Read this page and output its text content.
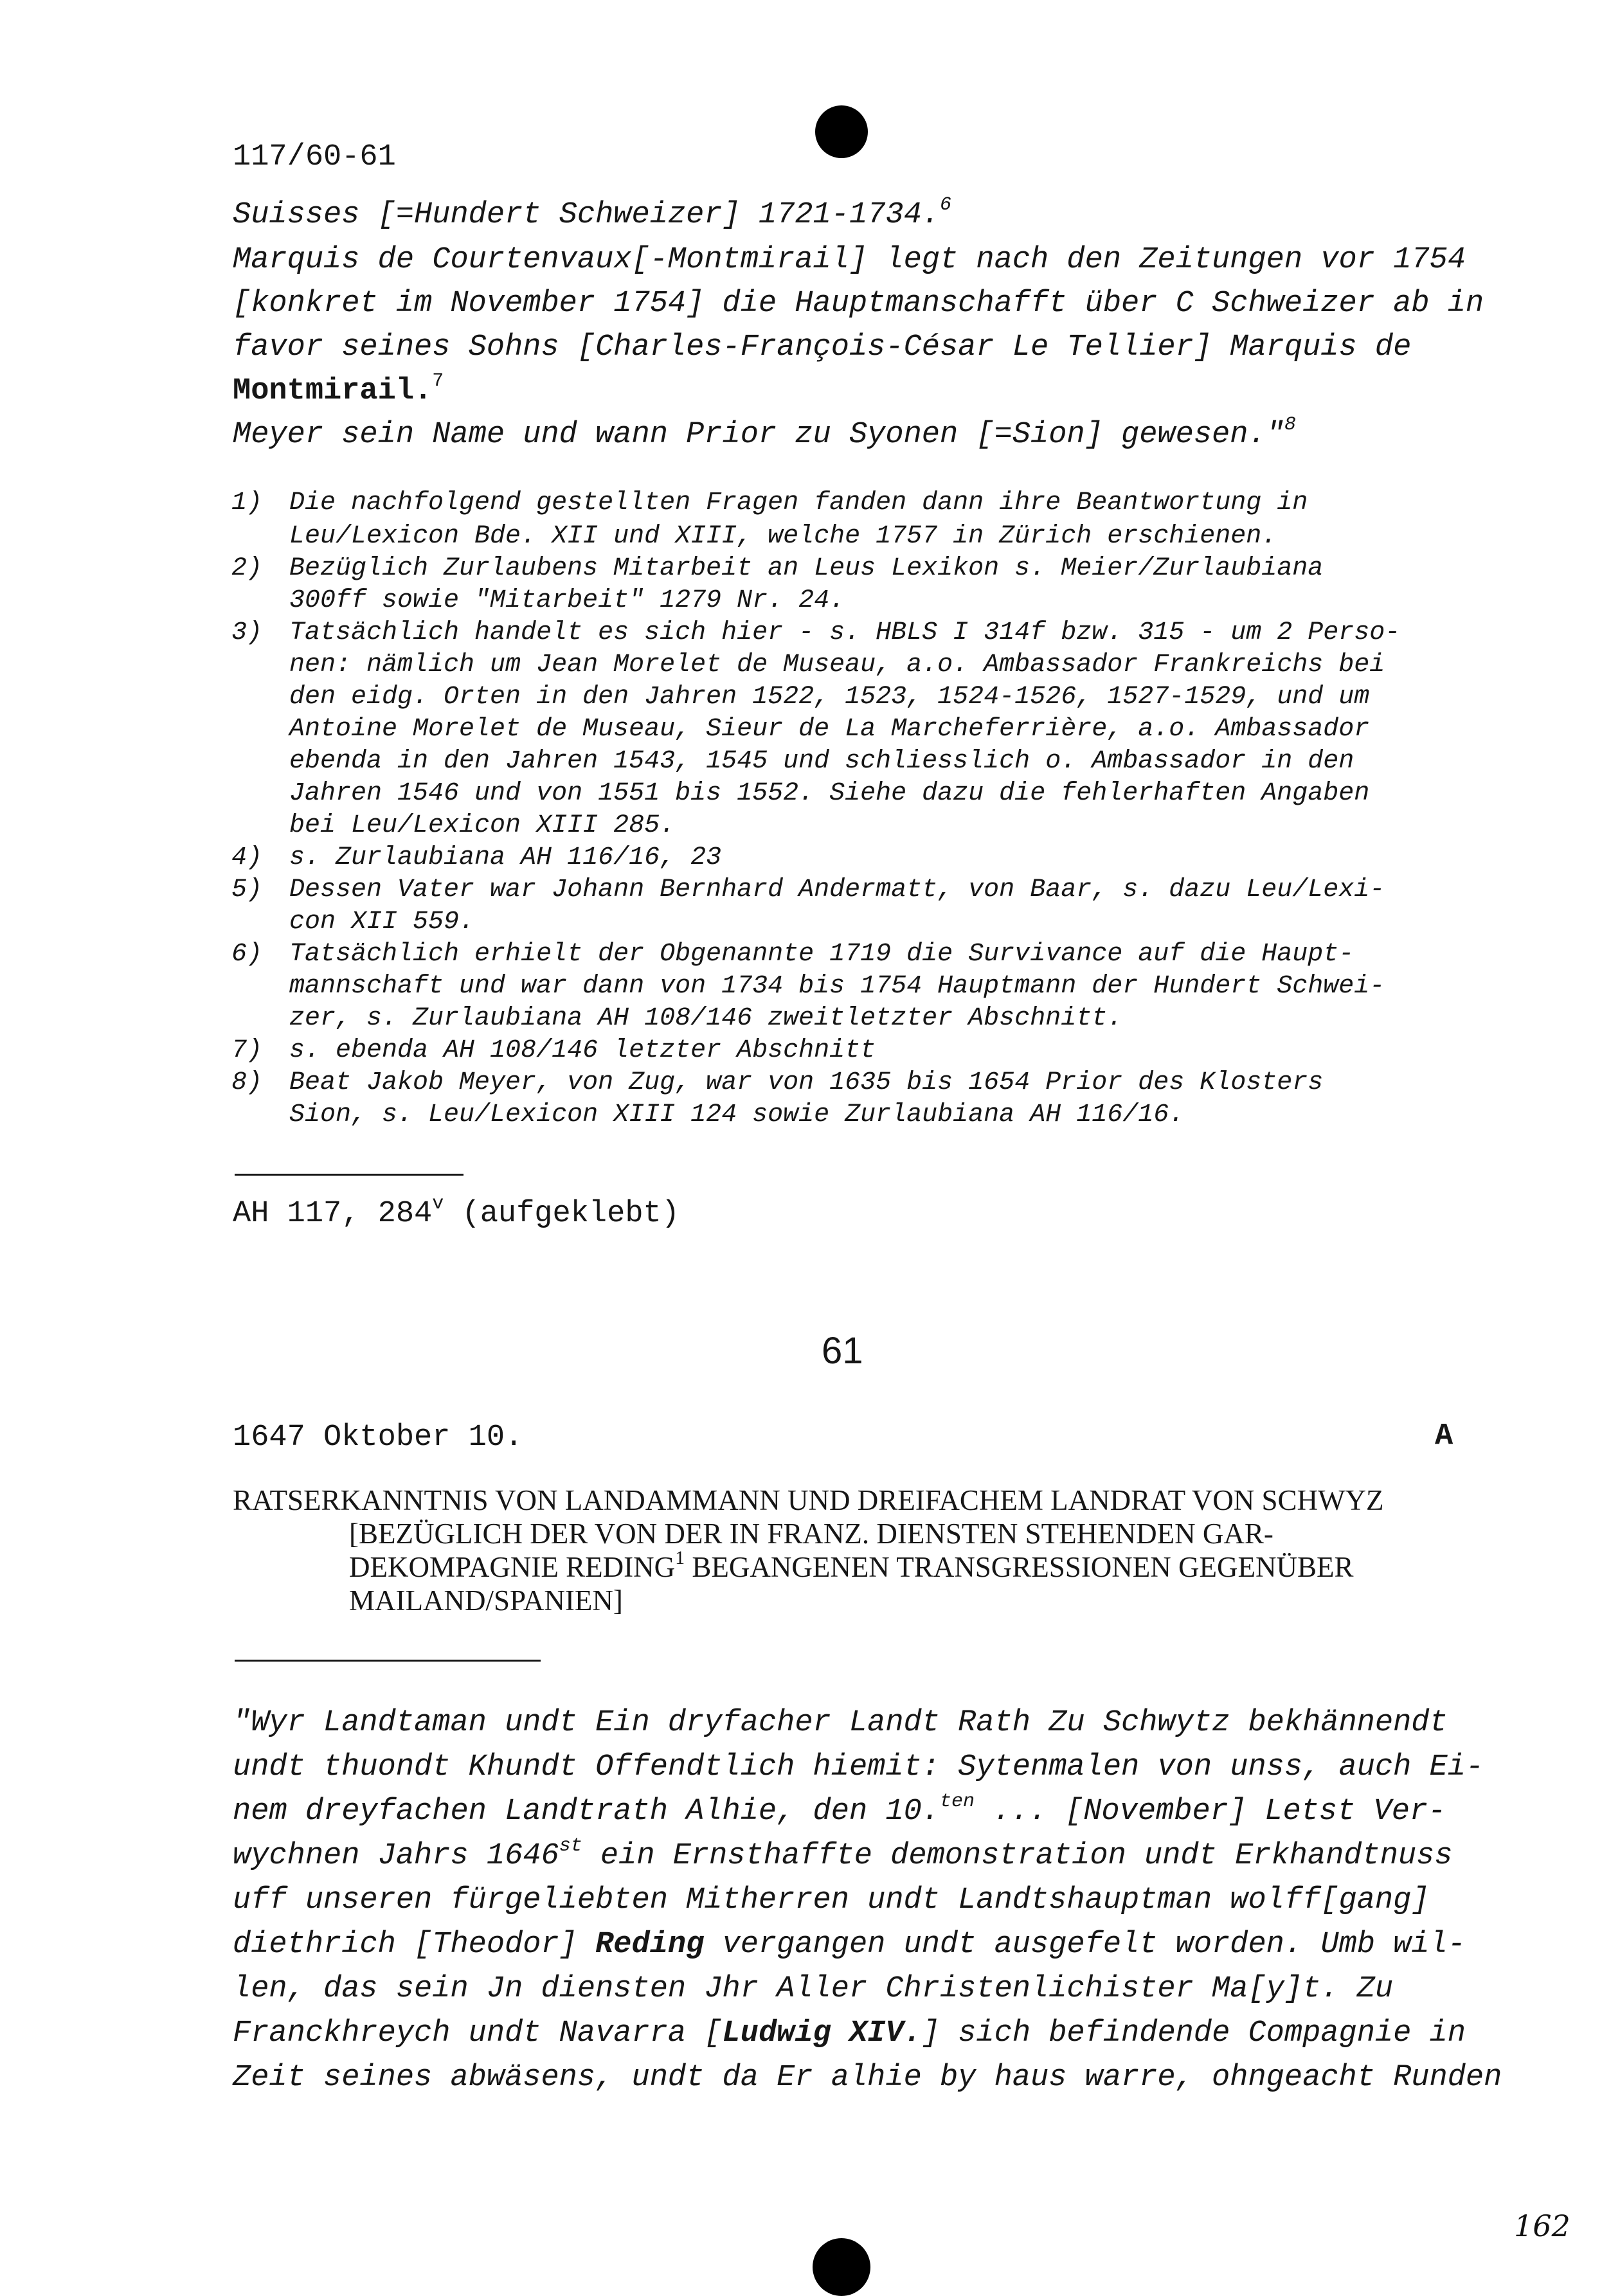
117/60-61
Suisses [=Hundert Schweizer] 1721-1734.$^6$
Marquis de Courtenvaux[-Montmirail] legt nach den Zeitungen vor 1754
[konkret im November 1754] die Hauptmanschafft über C Schweizer ab in
favor seines Sohns [Charles-François-César Le Tellier] Marquis de
Montmirail.$^7$
Meyer sein Name und wann Prior zu Syonen [=Sion] gewesen."$^8$
1) Die nachfolgend gestellten Fragen fanden dann ihre Beantwortung in
Leu/Lexicon Bde. XII und XIII, welche 1757 in Zürich erschienen.
2) Bezüglich Zurlaubens Mitarbeit an Leus Lexikon s. Meier/Zurlaubiana
300ff sowie "Mitarbeit" 1279 Nr. 24.
3) Tatsächlich handelt es sich hier - s. HBLS I 314f bzw. 315 - um 2 Perso-
nen: nämlich um Jean Morelet de Museau, a.o. Ambassador Frankreichs bei
den eidg. Orten in den Jahren 1522, 1523, 1524-1526, 1527-1529, und um
Antoine Morelet de Museau, Sieur de La Marcheferrière, a.o. Ambassador
ebenda in den Jahren 1543, 1545 und schliesslich o. Ambassador in den
Jahren 1546 und von 1551 bis 1552. Siehe dazu die fehlerhaften Angaben
bei Leu/Lexicon XIII 285.
4) s. Zurlaubiana AH 116/16, 23
5) Dessen Vater war Johann Bernhard Andermatt, von Baar, s. dazu Leu/Lexi-
con XII 559.
6) Tatsächlich erhielt der Obgenannte 1719 die Survivance auf die Haupt-
mannschaft und war dann von 1734 bis 1754 Hauptmann der Hundert Schwei-
zer, s. Zurlaubiana AH 108/146 zweitletzter Abschnitt.
7) s. ebenda AH 108/146 letzter Abschnitt
8) Beat Jakob Meyer, von Zug, war von 1635 bis 1654 Prior des Klosters
Sion, s. Leu/Lexicon XIII 124 sowie Zurlaubiana AH 116/16.
AH 117, 284$^v$ (aufgeklebt)
61
1647 Oktober 10.	A
RATSERKANNTNIS VON LANDAMMANN UND DREIFACHEM LANDRAT VON SCHWYZ
[BEZÜGLICH DER VON DER IN FRANZ. DIENSTEN STEHENDEN GAR-
DEKOMPAGNIE REDING$^1$ BEGANGENEN TRANSGRESSIONEN GEGENÜBER
MAILAND/SPANIEN]
"Wyr Landtaman undt Ein dryfacher Landt Rath Zu Schwytz bekhännendt
undt thuondt Khundt Offendtlich hiemit: Sytenmalen von unss, auch Ei-
nem dreyfachen Landtrath Alhie, den 10.$^{ten}$ ... [November] Letst Ver-
wychnen Jahrs 1646st ein Ernsthaffte demonstration undt Erkhandtnuss
uff unseren fürgeliebten Mitherren undt Landtshauptman wolff[gang]
diethrich [Theodor] Reding vergangen undt ausgefelt worden. Umb wil-
len, das sein Jn diensten Jhr Aller Christenlichister Ma[y]t. Zu
Franckhreych undt Navarra [Ludwig XIV.] sich befindende Compagnie in
Zeit seines abwäsens, undt da Er alhie by haus warre, ohngeacht Runden
162
